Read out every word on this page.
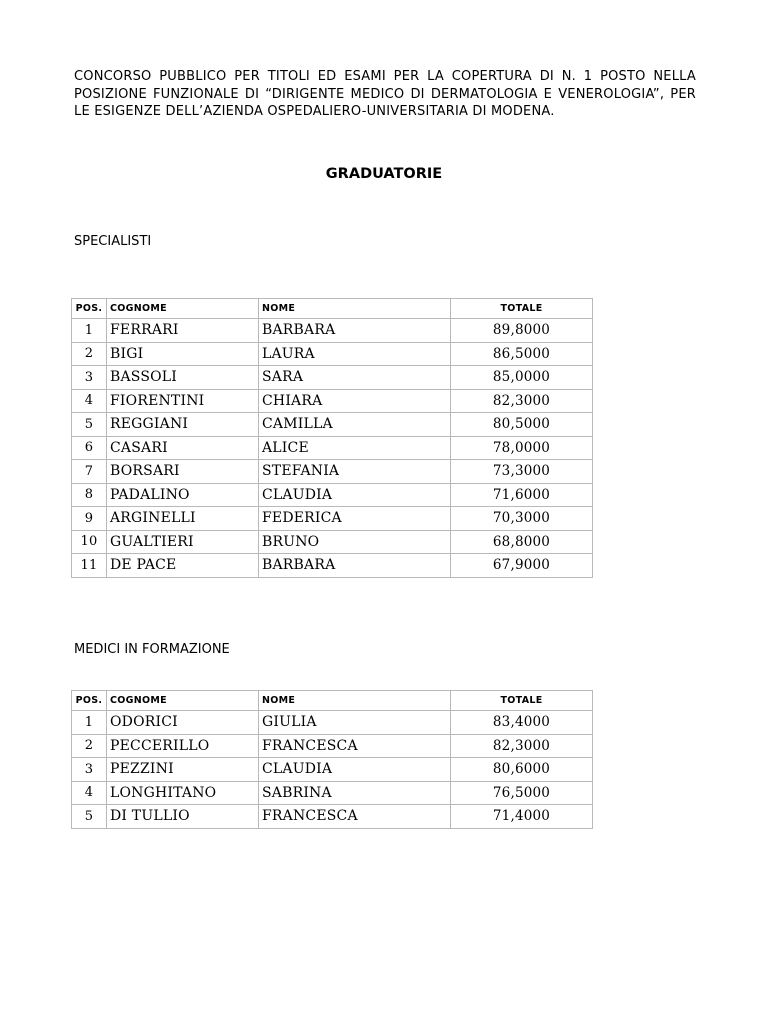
CONCORSO PUBBLICO PER TITOLI ED ESAMI PER LA COPERTURA DI N. 1 POSTO NELLA POSIZIONE FUNZIONALE DI “DIRIGENTE MEDICO DI DERMATOLOGIA E VENEROLOGIA”, PER LE ESIGENZE DELL’AZIENDA OSPEDALIERO-UNIVERSITARIA DI MODENA.
GRADUATORIE
SPECIALISTI
POS.	COGNOME	NOME	TOTALE
1	FERRARI	BARBARA	89,8000
2	BIGI	LAURA	86,5000
3	BASSOLI	SARA	85,0000
4	FIORENTINI	CHIARA	82,3000
5	REGGIANI	CAMILLA	80,5000
6	CASARI	ALICE	78,0000
7	BORSARI	STEFANIA	73,3000
8	PADALINO	CLAUDIA	71,6000
9	ARGINELLI	FEDERICA	70,3000
10	GUALTIERI	BRUNO	68,8000
11	DE PACE	BARBARA	67,9000
MEDICI IN FORMAZIONE
POS.	COGNOME	NOME	TOTALE
1	ODORICI	GIULIA	83,4000
2	PECCERILLO	FRANCESCA	82,3000
3	PEZZINI	CLAUDIA	80,6000
4	LONGHITANO	SABRINA	76,5000
5	DI TULLIO	FRANCESCA	71,4000
